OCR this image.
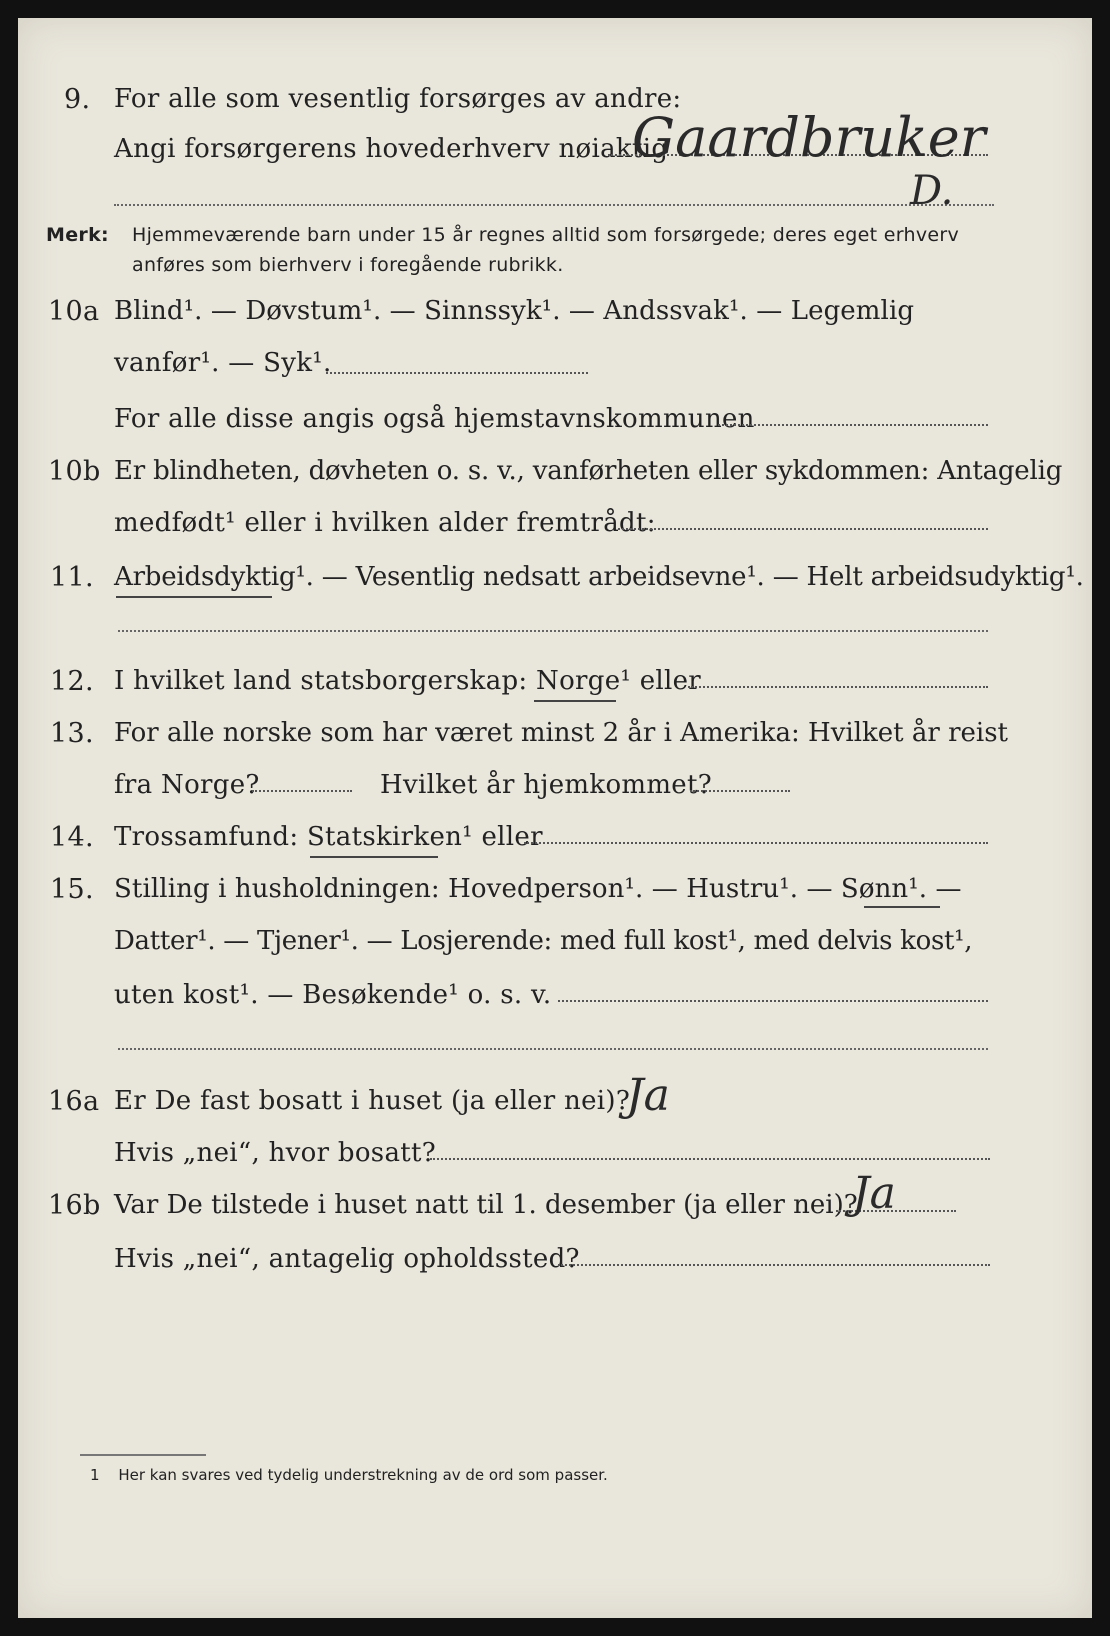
9. For alle som vesentlig forsørges av andre:
Angi forsørgerens hovederhverv nøiaktig
Gaardbruker
D.
Merk: Hjemmeværende barn under 15 år regnes alltid som forsørgede; deres eget erhverv
anføres som bierhverv i foregående rubrikk.
10a Blind¹. — Døvstum¹. — Sinnssyk¹. — Andssvak¹. — Legemlig
vanfør¹. — Syk¹.
For alle disse angis også hjemstavnskommunen
10b Er blindheten, døvheten o. s. v., vanførheten eller sykdommen: Antagelig
medfødt¹ eller i hvilken alder fremtrådt:
11. Arbeidsdyktig¹. — Vesentlig nedsatt arbeidsevne¹. — Helt arbeidsudyktig¹.
12. I hvilket land statsborgerskap: Norge¹ eller
13. For alle norske som har været minst 2 år i Amerika: Hvilket år reist
fra Norge?	Hvilket år hjemkommet?
14. Trossamfund: Statskirken¹ eller
15. Stilling i husholdningen: Hovedperson¹. — Hustru¹. — Sønn¹. —
Datter¹. — Tjener¹. — Losjerende: med full kost¹, med delvis kost¹,
uten kost¹. — Besøkende¹ o. s. v.
16a Er De fast bosatt i huset (ja eller nei)?
Ja
Hvis „nei“, hvor bosatt?
16b Var De tilstede i huset natt til 1. desember (ja eller nei)?
Ja
Hvis „nei“, antagelig opholdssted?
1 Her kan svares ved tydelig understrekning av de ord som passer.
